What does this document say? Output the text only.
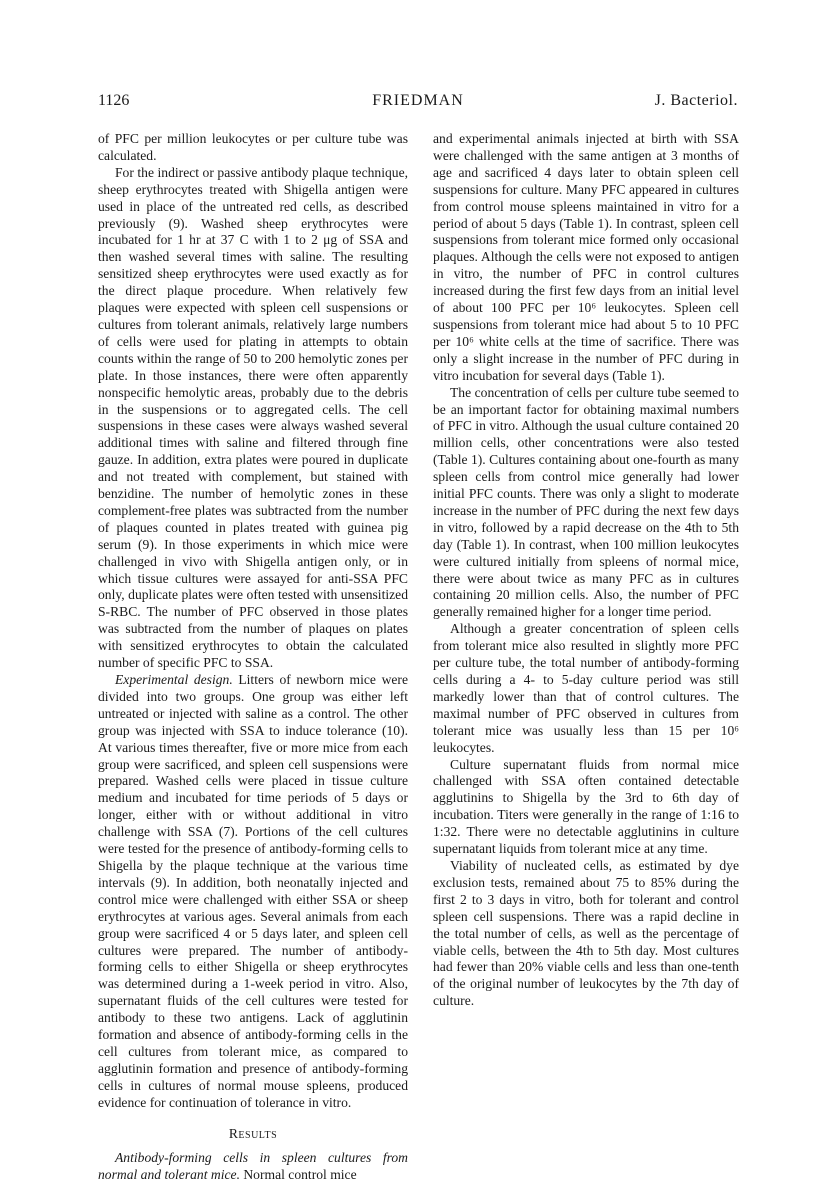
1126	FRIEDMAN	J. Bacteriol.

of PFC per million leukocytes or per culture tube was calculated.

For the indirect or passive antibody plaque technique, sheep erythrocytes treated with Shigella antigen were used in place of the untreated red cells, as described previously (9). Washed sheep erythrocytes were incubated for 1 hr at 37 C with 1 to 2 μg of SSA and then washed several times with saline. The resulting sensitized sheep erythrocytes were used exactly as for the direct plaque procedure. When relatively few plaques were expected with spleen cell suspensions or cultures from tolerant animals, relatively large numbers of cells were used for plating in attempts to obtain counts within the range of 50 to 200 hemolytic zones per plate. In those instances, there were often apparently nonspecific hemolytic areas, probably due to the debris in the suspensions or to aggregated cells. The cell suspensions in these cases were always washed several additional times with saline and filtered through fine gauze. In addition, extra plates were poured in duplicate and not treated with complement, but stained with benzidine. The number of hemolytic zones in these complement-free plates was subtracted from the number of plaques counted in plates treated with guinea pig serum (9). In those experiments in which mice were challenged in vivo with Shigella antigen only, or in which tissue cultures were assayed for anti-SSA PFC only, duplicate plates were often tested with unsensitized S-RBC. The number of PFC observed in those plates was subtracted from the number of plaques on plates with sensitized erythrocytes to obtain the calculated number of specific PFC to SSA.

Experimental design. Litters of newborn mice were divided into two groups. One group was either left untreated or injected with saline as a control. The other group was injected with SSA to induce tolerance (10). At various times thereafter, five or more mice from each group were sacrificed, and spleen cell suspensions were prepared. Washed cells were placed in tissue culture medium and incubated for time periods of 5 days or longer, either with or without additional in vitro challenge with SSA (7). Portions of the cell cultures were tested for the presence of antibody-forming cells to Shigella by the plaque technique at the various time intervals (9). In addition, both neonatally injected and control mice were challenged with either SSA or sheep erythrocytes at various ages. Several animals from each group were sacrificed 4 or 5 days later, and spleen cell cultures were prepared. The number of antibody-forming cells to either Shigella or sheep erythrocytes was determined during a 1-week period in vitro. Also, supernatant fluids of the cell cultures were tested for antibody to these two antigens. Lack of agglutinin formation and absence of antibody-forming cells in the cell cultures from tolerant mice, as compared to agglutinin formation and presence of antibody-forming cells in cultures of normal mouse spleens, produced evidence for continuation of tolerance in vitro.

Results

Antibody-forming cells in spleen cultures from normal and tolerant mice. Normal control mice

and experimental animals injected at birth with SSA were challenged with the same antigen at 3 months of age and sacrificed 4 days later to obtain spleen cell suspensions for culture. Many PFC appeared in cultures from control mouse spleens maintained in vitro for a period of about 5 days (Table 1). In contrast, spleen cell suspensions from tolerant mice formed only occasional plaques. Although the cells were not exposed to antigen in vitro, the number of PFC in control cultures increased during the first few days from an initial level of about 100 PFC per 10⁶ leukocytes. Spleen cell suspensions from tolerant mice had about 5 to 10 PFC per 10⁶ white cells at the time of sacrifice. There was only a slight increase in the number of PFC during in vitro incubation for several days (Table 1).

The concentration of cells per culture tube seemed to be an important factor for obtaining maximal numbers of PFC in vitro. Although the usual culture contained 20 million cells, other concentrations were also tested (Table 1). Cultures containing about one-fourth as many spleen cells from control mice generally had lower initial PFC counts. There was only a slight to moderate increase in the number of PFC during the next few days in vitro, followed by a rapid decrease on the 4th to 5th day (Table 1). In contrast, when 100 million leukocytes were cultured initially from spleens of normal mice, there were about twice as many PFC as in cultures containing 20 million cells. Also, the number of PFC generally remained higher for a longer time period.

Although a greater concentration of spleen cells from tolerant mice also resulted in slightly more PFC per culture tube, the total number of antibody-forming cells during a 4- to 5-day culture period was still markedly lower than that of control cultures. The maximal number of PFC observed in cultures from tolerant mice was usually less than 15 per 10⁶ leukocytes.

Culture supernatant fluids from normal mice challenged with SSA often contained detectable agglutinins to Shigella by the 3rd to 6th day of incubation. Titers were generally in the range of 1:16 to 1:32. There were no detectable agglutinins in culture supernatant liquids from tolerant mice at any time.

Viability of nucleated cells, as estimated by dye exclusion tests, remained about 75 to 85% during the first 2 to 3 days in vitro, both for tolerant and control spleen cell suspensions. There was a rapid decline in the total number of cells, as well as the percentage of viable cells, between the 4th to 5th day. Most cultures had fewer than 20% viable cells and less than one-tenth of the original number of leukocytes by the 7th day of culture.
